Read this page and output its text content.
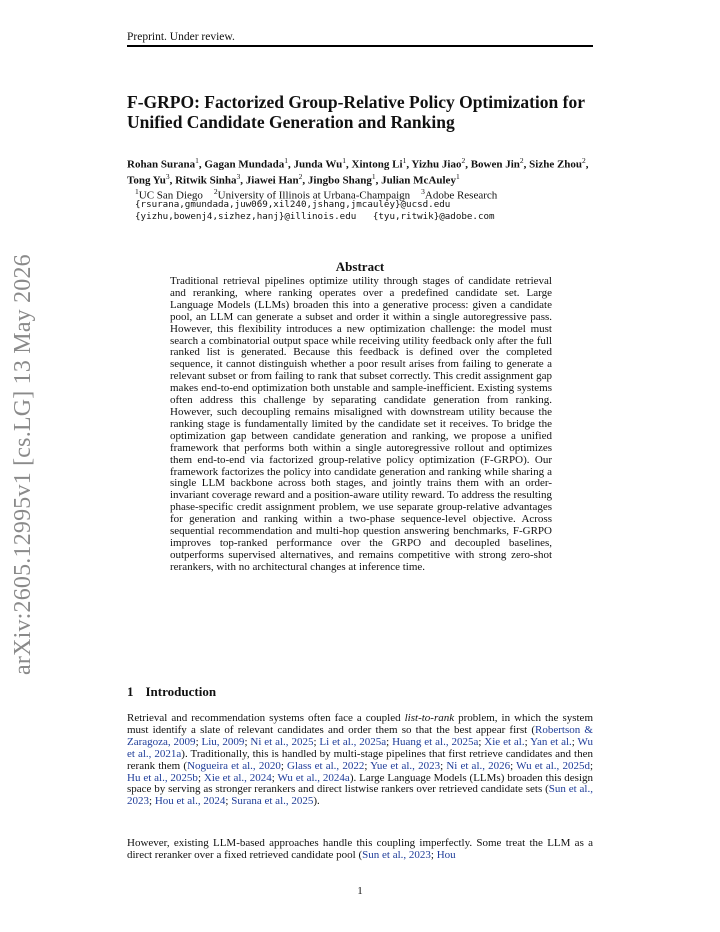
Preprint. Under review.
arXiv:2605.12995v1 [cs.LG] 13 May 2026
F-GRPO: Factorized Group-Relative Policy Optimization for Unified Candidate Generation and Ranking
Rohan Surana$^1$, Gagan Mundada$^1$, Junda Wu$^1$, Xintong Li$^1$, Yizhu Jiao$^2$, Bowen Jin$^2$, Sizhe Zhou$^2$, Tong Yu$^3$, Ritwik Sinha$^3$, Jiawei Han$^2$, Jingbo Shang$^1$, Julian McAuley$^1$
$^1$UC San Diego  $^2$University of Illinois at Urbana-Champaign  $^3$Adobe Research
{rsurana,gmundada,juw069,xil240,jshang,jmcauley}@ucsd.edu
{yizhu,bowenj4,sizhez,hanj}@illinois.edu   {tyu,ritwik}@adobe.com
Abstract
Traditional retrieval pipelines optimize utility through stages of candidate retrieval and reranking, where ranking operates over a predefined candidate set. Large Language Models (LLMs) broaden this into a generative process: given a candidate pool, an LLM can generate a subset and order it within a single autoregressive pass. However, this flexibility introduces a new optimization challenge: the model must search a combinatorial output space while receiving utility feedback only after the full ranked list is generated. Because this feedback is defined over the completed sequence, it cannot distinguish whether a poor result arises from failing to generate a relevant subset or from failing to rank that subset correctly. This credit assignment gap makes end-to-end optimization both unstable and sample-inefficient. Existing systems often address this challenge by separating candidate generation from ranking. However, such decoupling remains misaligned with downstream utility because the ranking stage is fundamentally limited by the candidate set it receives. To bridge the optimization gap between candidate generation and ranking, we propose a unified framework that performs both within a single autoregressive rollout and optimizes them end-to-end via factorized group-relative policy optimization (F-GRPO). Our framework factorizes the policy into candidate generation and ranking while sharing a single LLM backbone across both stages, and jointly trains them with an order-invariant coverage reward and a position-aware utility reward. To address the resulting phase-specific credit assignment problem, we use separate group-relative advantages for generation and ranking within a two-phase sequence-level objective. Across sequential recommendation and multi-hop question answering benchmarks, F-GRPO improves top-ranked performance over the GRPO and decoupled baselines, outperforms supervised alternatives, and remains competitive with strong zero-shot rerankers, with no architectural changes at inference time.
1 Introduction
Retrieval and recommendation systems often face a coupled list-to-rank problem, in which the system must identify a slate of relevant candidates and order them so that the best appear first (Robertson & Zaragoza, 2009; Liu, 2009; Ni et al., 2025; Li et al., 2025a; Huang et al., 2025a; Xie et al.; Yan et al.; Wu et al., 2021a). Traditionally, this is handled by multi-stage pipelines that first retrieve candidates and then rerank them (Nogueira et al., 2020; Glass et al., 2022; Yue et al., 2023; Ni et al., 2026; Wu et al., 2025d; Hu et al., 2025b; Xie et al., 2024; Wu et al., 2024a). Large Language Models (LLMs) broaden this design space by serving as stronger rerankers and direct listwise rankers over retrieved candidate sets (Sun et al., 2023; Hou et al., 2024; Surana et al., 2025).
However, existing LLM-based approaches handle this coupling imperfectly. Some treat the LLM as a direct reranker over a fixed retrieved candidate pool (Sun et al., 2023; Hou
1
